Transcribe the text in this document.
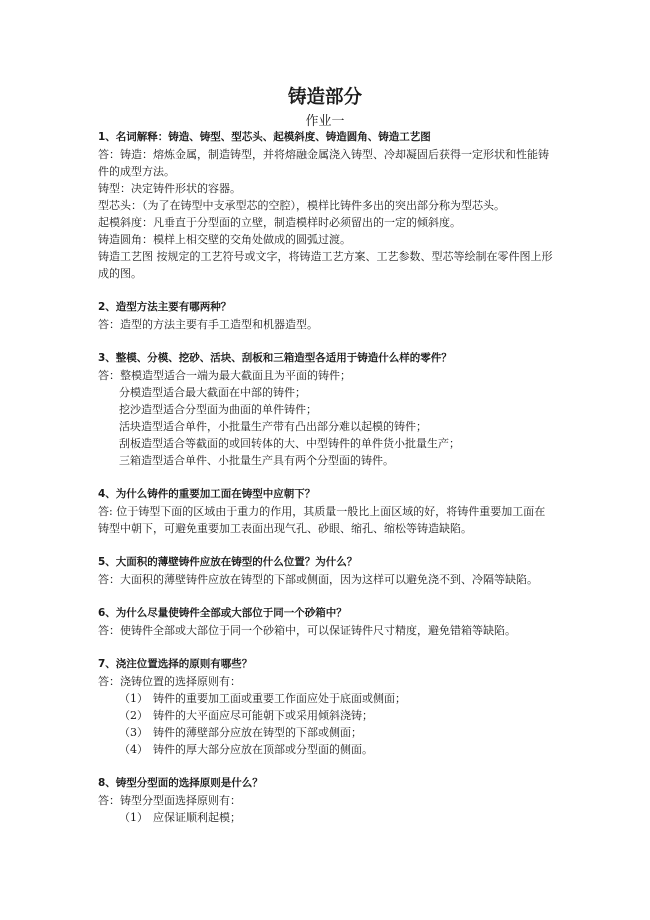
铸造部分
作业一

1、名词解释：铸造、铸型、型芯头、起模斜度、铸造圆角、铸造工艺图

答：铸造：熔炼金属，制造铸型，并将熔融金属浇入铸型、冷却凝固后获得一定形状和性能铸件的成型方法。

铸型：决定铸件形状的容器。

型芯头：（为了在铸型中支承型芯的空腔），模样比铸件多出的突出部分称为型芯头。

起模斜度：凡垂直于分型面的立壁，制造模样时必须留出的一定的倾斜度。

铸造圆角：模样上相交壁的交角处做成的圆弧过渡。

铸造工艺图 按规定的工艺符号或文字，将铸造工艺方案、工艺参数、型芯等绘制在零件图上形成的图。

2、造型方法主要有哪两种？

答：造型的方法主要有手工造型和机器造型。

3、整模、分模、挖砂、活块、刮板和三箱造型各适用于铸造什么样的零件？

答：整模造型适合一端为最大截面且为平面的铸件；

分模造型适合最大截面在中部的铸件；

挖沙造型适合分型面为曲面的单件铸件；

活块造型适合单件，小批量生产带有凸出部分难以起模的铸件；

刮板造型适合等截面的或回转体的大、中型铸件的单件货小批量生产；

三箱造型适合单件、小批量生产具有两个分型面的铸件。

4、为什么铸件的重要加工面在铸型中应朝下？

答: 位于铸型下面的区域由于重力的作用，其质量一般比上面区域的好，将铸件重要加工面在铸型中朝下，可避免重要加工表面出现气孔、砂眼、缩孔、缩松等铸造缺陷。

5、大面积的薄壁铸件应放在铸型的什么位置？为什么？

答：大面积的薄壁铸件应放在铸型的下部或侧面，因为这样可以避免浇不到、冷隔等缺陷。

6、为什么尽量使铸件全部或大部位于同一个砂箱中？

答：使铸件全部或大部位于同一个砂箱中，可以保证铸件尺寸精度，避免错箱等缺陷。

7、浇注位置选择的原则有哪些？

答：浇铸位置的选择原则有：

（1） 铸件的重要加工面或重要工作面应处于底面或侧面；

（2） 铸件的大平面应尽可能朝下或采用倾斜浇铸；

（3） 铸件的薄壁部分应放在铸型的下部或侧面；

（4） 铸件的厚大部分应放在顶部或分型面的侧面。

8、铸型分型面的选择原则是什么？

答：铸型分型面选择原则有：

（1） 应保证顺利起模；
